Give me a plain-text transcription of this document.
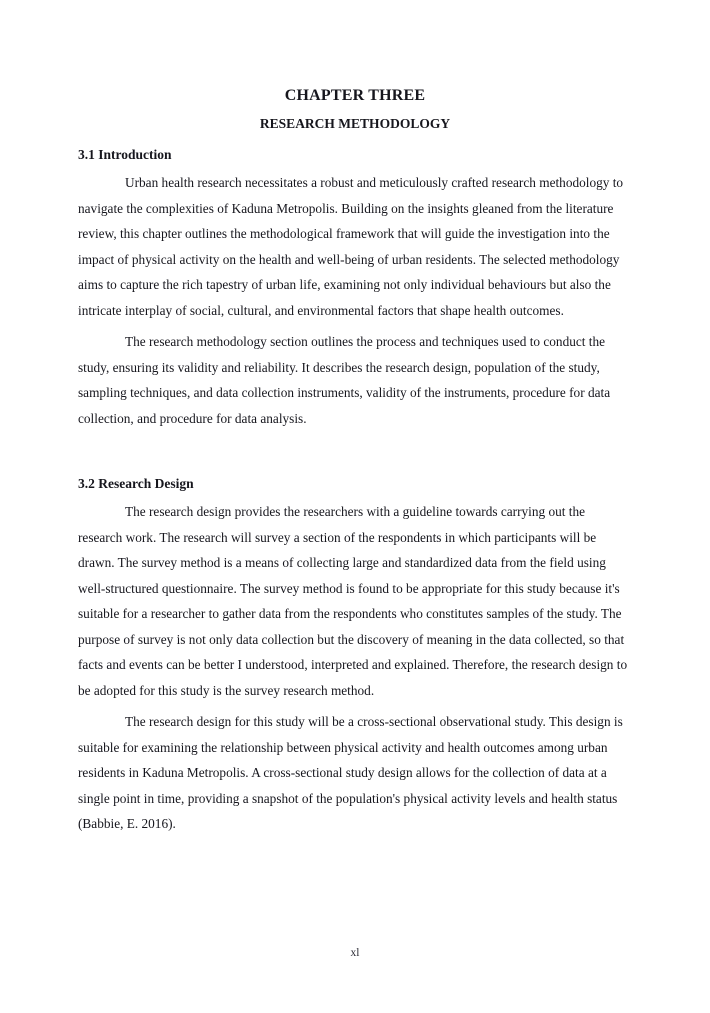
CHAPTER THREE
RESEARCH METHODOLOGY
3.1 Introduction

Urban health research necessitates a robust and meticulously crafted research methodology to navigate the complexities of Kaduna Metropolis. Building on the insights gleaned from the literature review, this chapter outlines the methodological framework that will guide the investigation into the impact of physical activity on the health and well-being of urban residents. The selected methodology aims to capture the rich tapestry of urban life, examining not only individual behaviours but also the intricate interplay of social, cultural, and environmental factors that shape health outcomes.

The research methodology section outlines the process and techniques used to conduct the study, ensuring its validity and reliability. It describes the research design, population of the study, sampling techniques, and data collection instruments, validity of the instruments, procedure for data collection, and procedure for data analysis.

3.2 Research Design

The research design provides the researchers with a guideline towards carrying out the research work. The research will survey a section of the respondents in which participants will be drawn. The survey method is a means of collecting large and standardized data from the field using well-structured questionnaire. The survey method is found to be appropriate for this study because it's suitable for a researcher to gather data from the respondents who constitutes samples of the study. The purpose of survey is not only data collection but the discovery of meaning in the data collected, so that facts and events can be better I understood, interpreted and explained. Therefore, the research design to be adopted for this study is the survey research method.

The research design for this study will be a cross-sectional observational study. This design is suitable for examining the relationship between physical activity and health outcomes among urban residents in Kaduna Metropolis. A cross-sectional study design allows for the collection of data at a single point in time, providing a snapshot of the population's physical activity levels and health status (Babbie, E. 2016).

xl
